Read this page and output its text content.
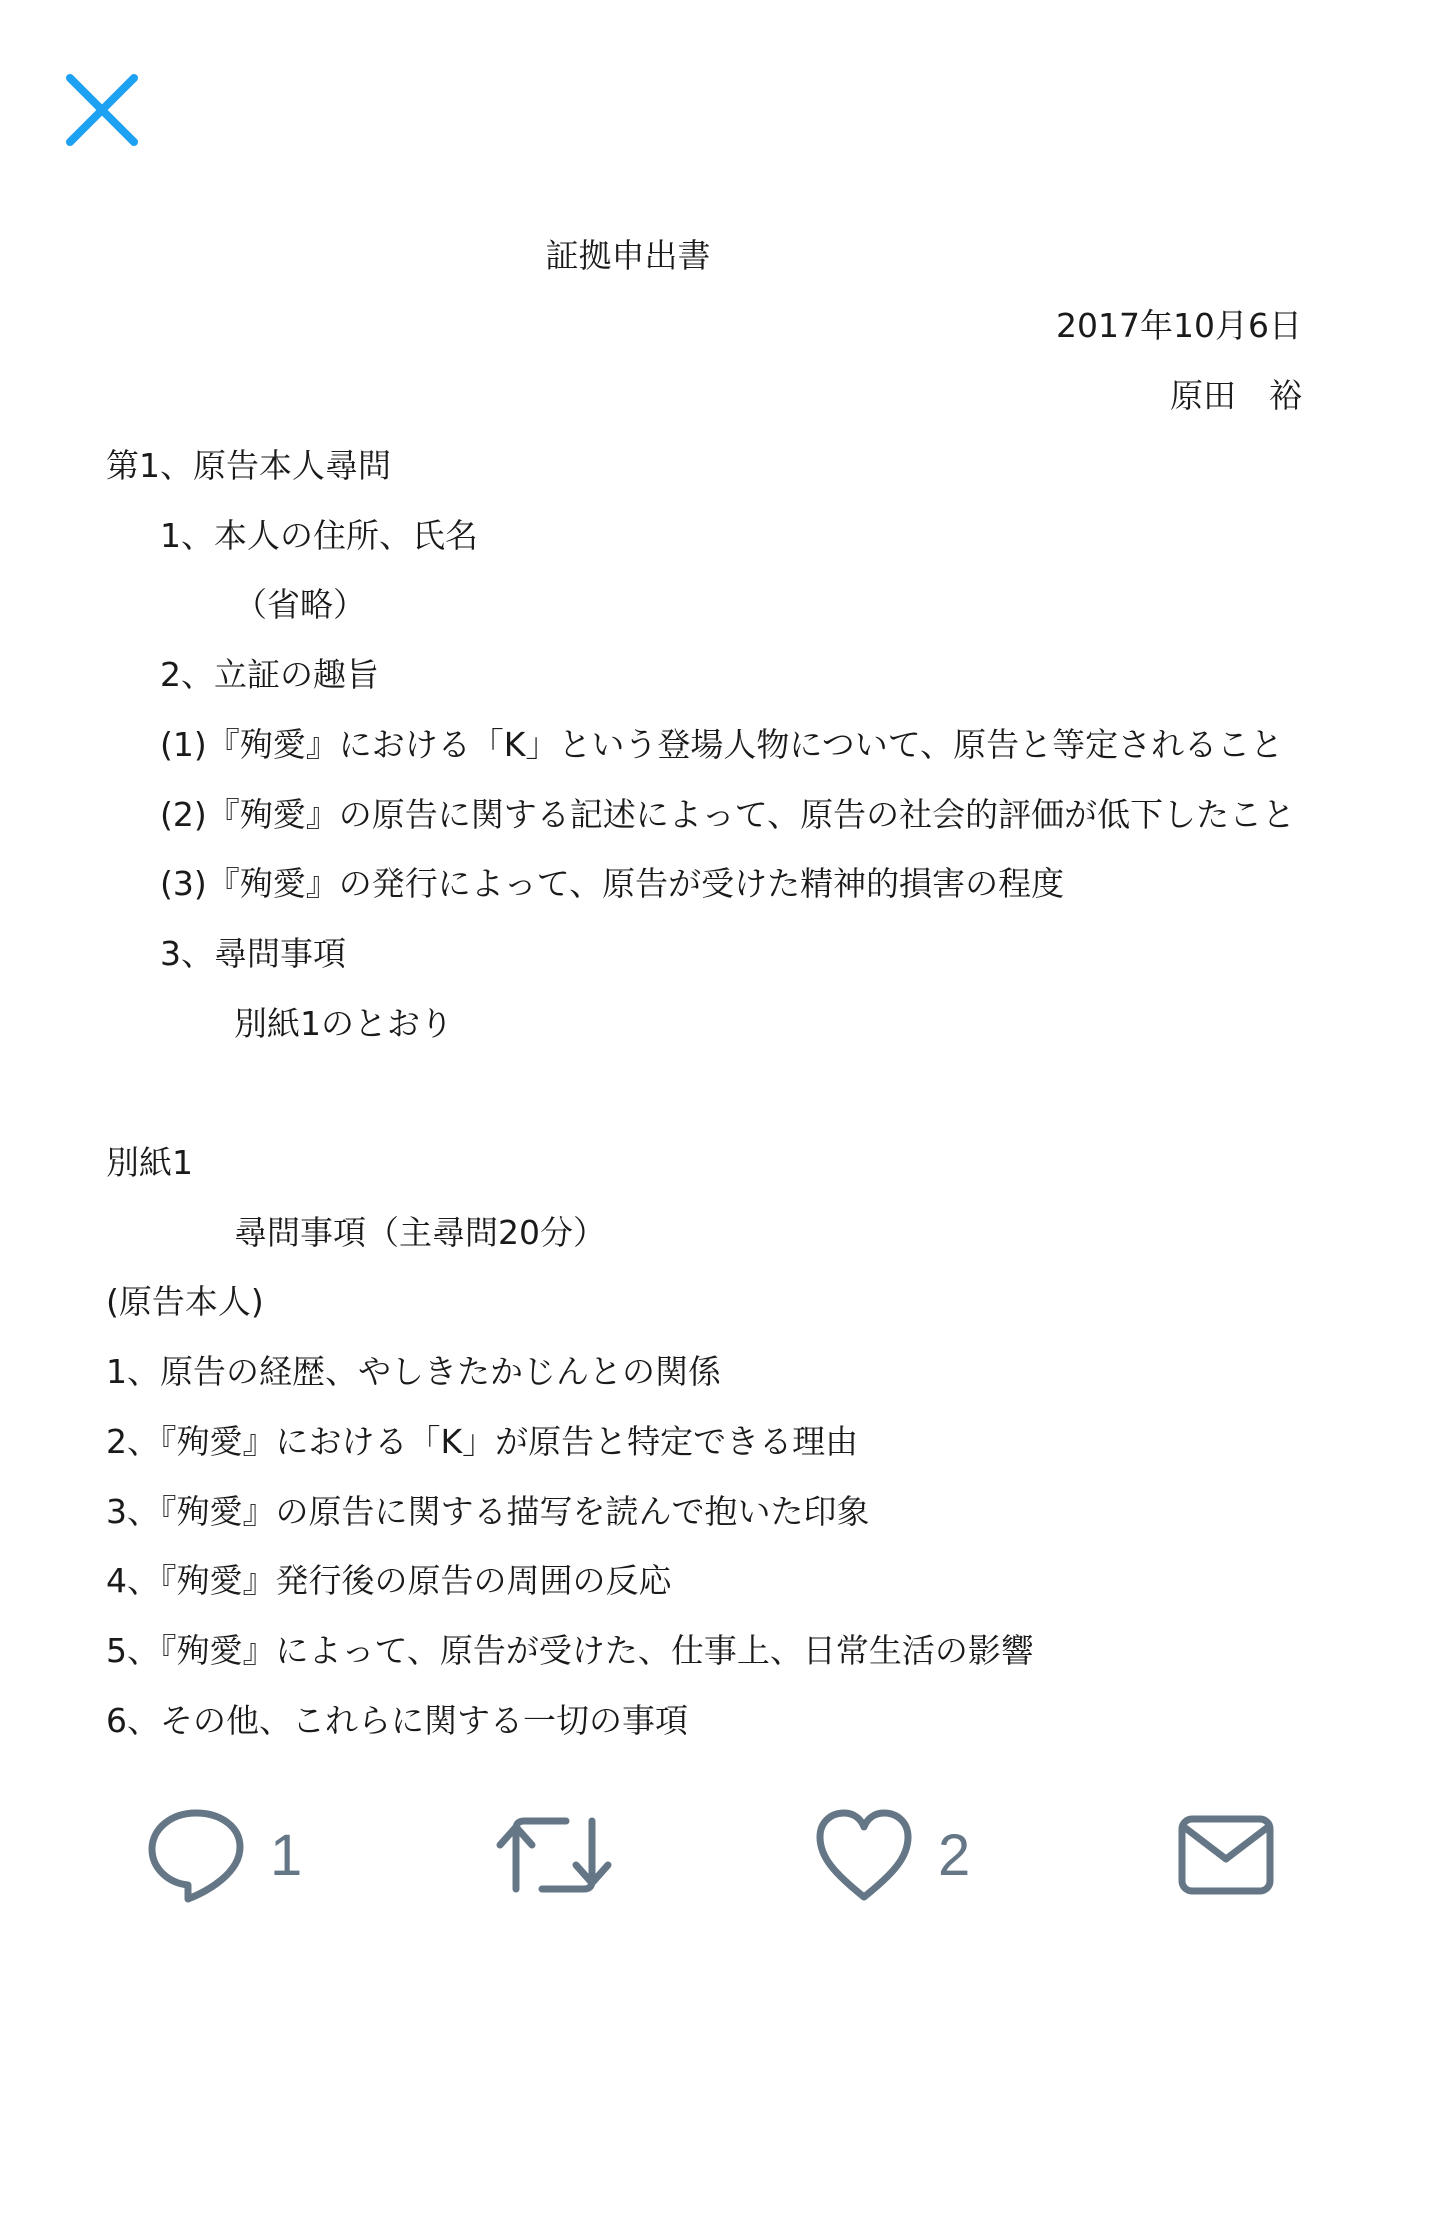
証拠申出書
2017年10月6日
原田　裕
第1、原告本人尋問
1、本人の住所、氏名
（省略）
2、立証の趣旨
(1)『殉愛』における「K」という登場人物について、原告と等定されること
(2)『殉愛』の原告に関する記述によって、原告の社会的評価が低下したこと
(3)『殉愛』の発行によって、原告が受けた精神的損害の程度
3、尋問事項
別紙1のとおり
別紙1
尋問事項（主尋問20分）
(原告本人)
1、原告の経歴、やしきたかじんとの関係
2、『殉愛』における「K」が原告と特定できる理由
3、『殉愛』の原告に関する描写を読んで抱いた印象
4、『殉愛』発行後の原告の周囲の反応
5、『殉愛』によって、原告が受けた、仕事上、日常生活の影響
6、その他、これらに関する一切の事項
1	2
